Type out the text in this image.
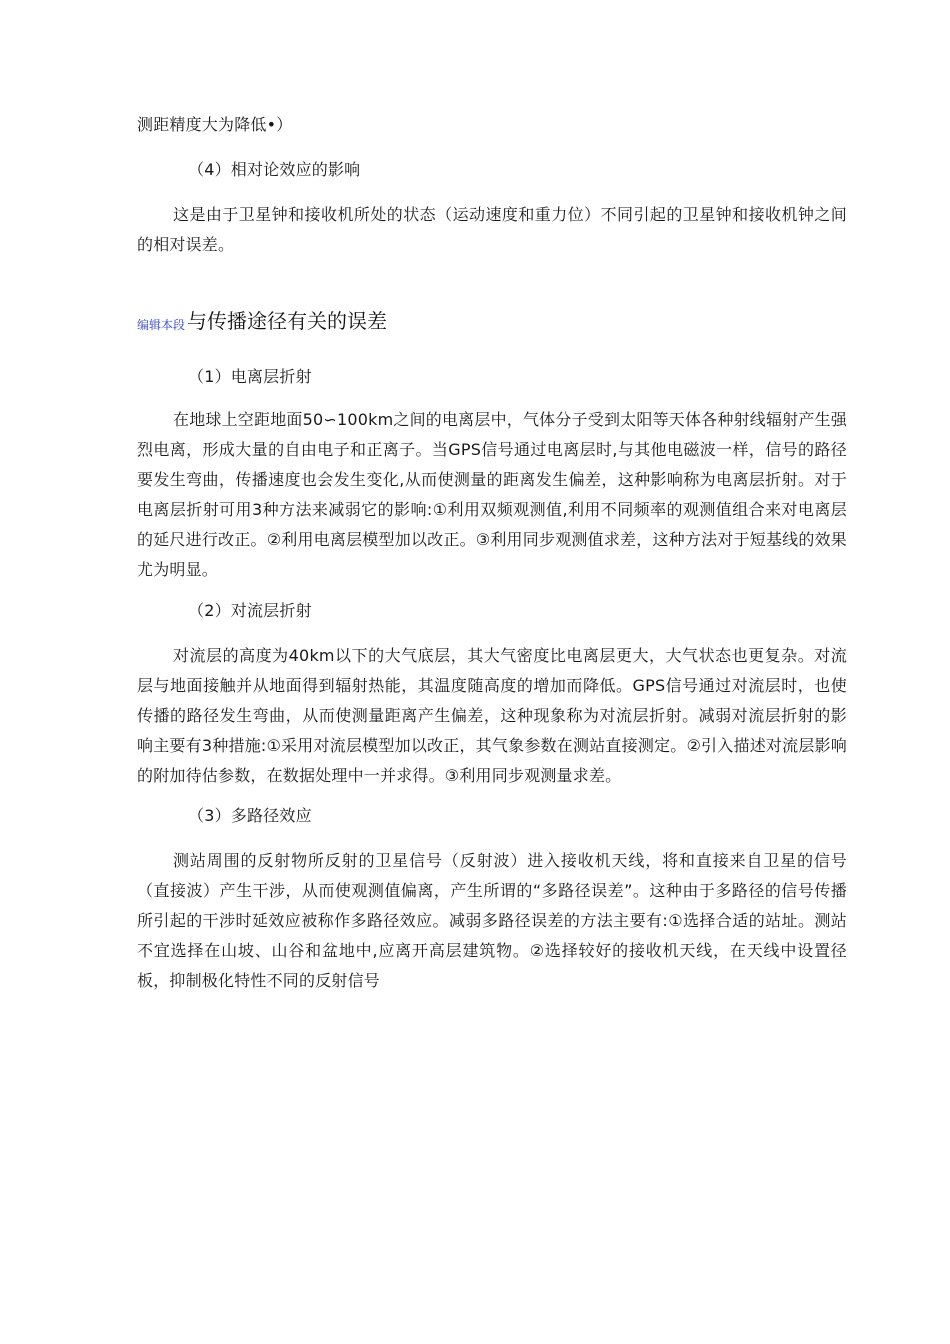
测距精度大为降低•）
（4）相对论效应的影响
这是由于卫星钟和接收机所处的状态（运动速度和重力位）不同引起的卫星钟和接收机钟之间的相对误差。
编辑本段 与传播途径有关的误差
（1）电离层折射
在地球上空距地面50∽100km之间的电离层中，气体分子受到太阳等天体各种射线辐射产生强烈电离，形成大量的自由电子和正离子。当GPS信号通过电离层时,与其他电磁波一样，信号的路径要发生弯曲，传播速度也会发生变化,从而使测量的距离发生偏差，这种影响称为电离层折射。对于电离层折射可用3种方法来减弱它的影响:①利用双频观测值,利用不同频率的观测值组合来对电离层的延尺进行改正。②利用电离层模型加以改正。③利用同步观测值求差，这种方法对于短基线的效果尤为明显。
（2）对流层折射
对流层的高度为40km以下的大气底层，其大气密度比电离层更大，大气状态也更复杂。对流层与地面接触并从地面得到辐射热能，其温度随高度的增加而降低。GPS信号通过对流层时，也使传播的路径发生弯曲，从而使测量距离产生偏差，这种现象称为对流层折射。减弱对流层折射的影响主要有3种措施:①采用对流层模型加以改正，其气象参数在测站直接测定。②引入描述对流层影响的附加待估参数，在数据处理中一并求得。③利用同步观测量求差。
（3）多路径效应
测站周围的反射物所反射的卫星信号（反射波）进入接收机天线，将和直接来自卫星的信号（直接波）产生干涉，从而使观测值偏离，产生所谓的“多路径误差”。这种由于多路径的信号传播所引起的干涉时延效应被称作多路径效应。减弱多路径误差的方法主要有:①选择合适的站址。测站不宜选择在山坡、山谷和盆地中,应离开高层建筑物。②选择较好的接收机天线，在天线中设置径板，抑制极化特性不同的反射信号
